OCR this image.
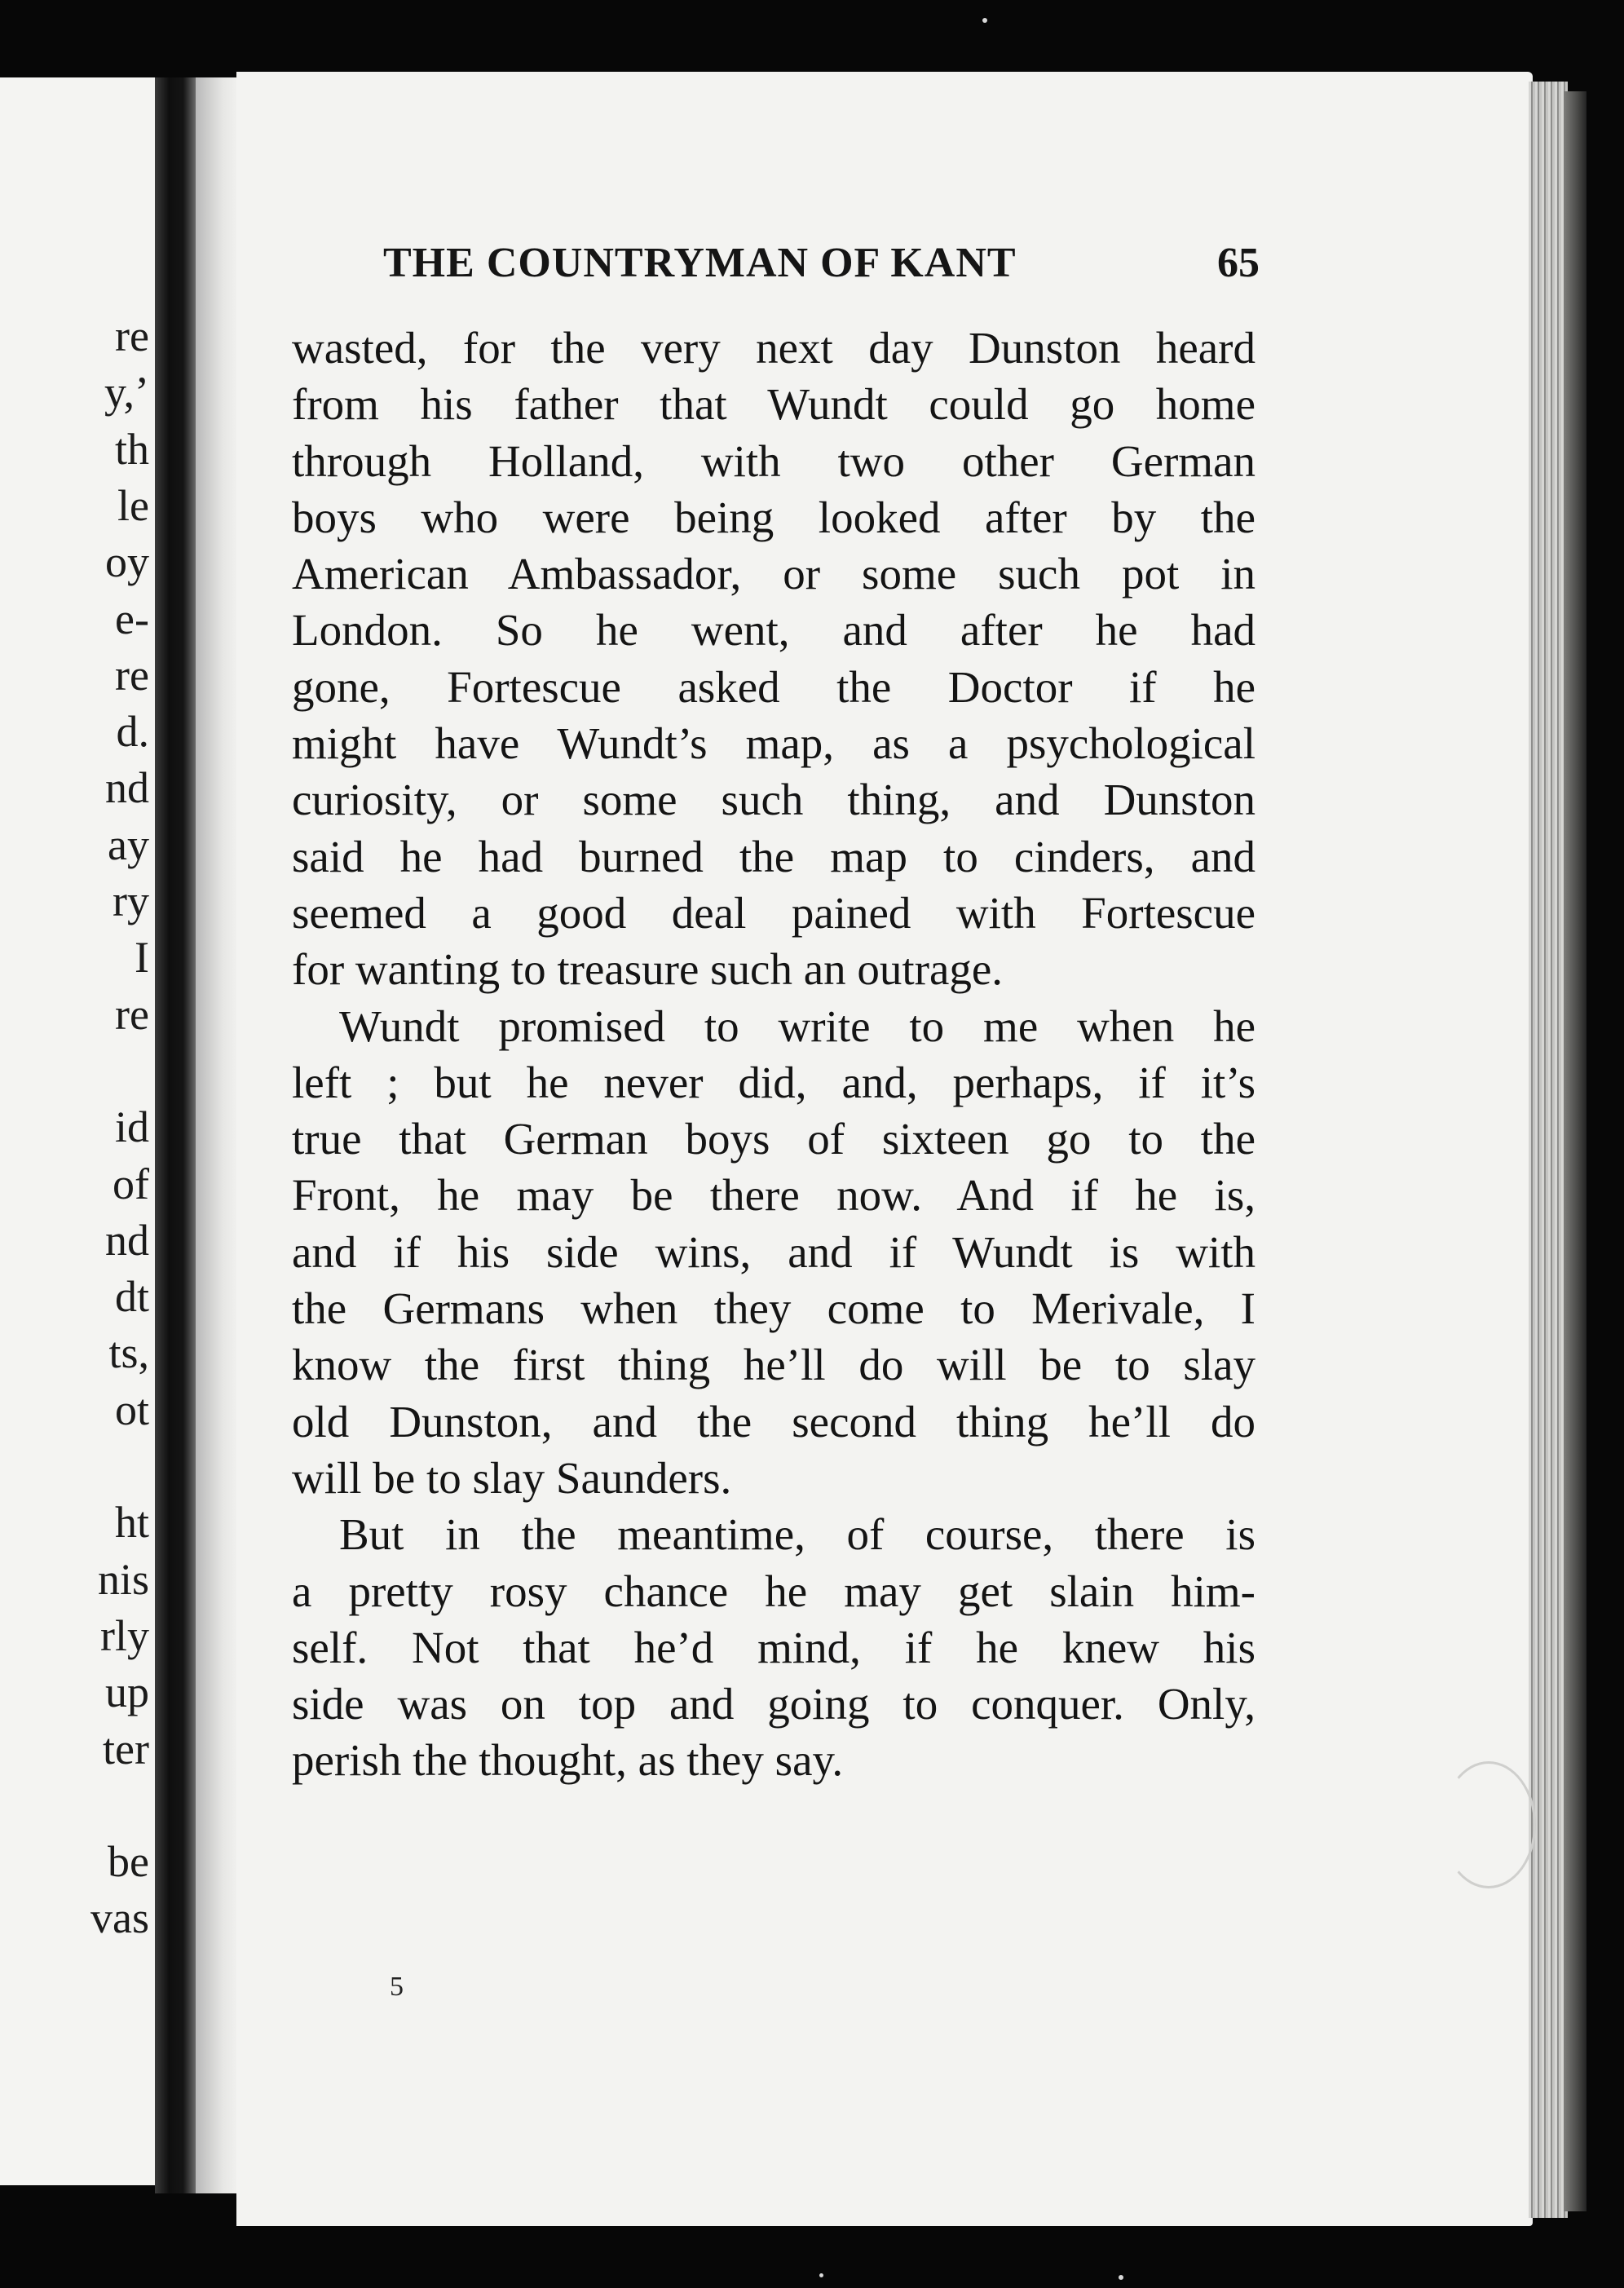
re
y,’
th
le
oy
e-
re
d.
nd
ay
ry
I
re
id
of
nd
dt
ts,
ot
ht
nis
rly
up
ter
be
vas
THE COUNTRYMAN OF KANT	65
wasted, for the very next day Dunston heard
from his father that Wundt could go home
through Holland, with two other German
boys who were being looked after by the
American Ambassador, or some such pot in
London. So he went, and after he had
gone, Fortescue asked the Doctor if he
might have Wundt’s map, as a psychological
curiosity, or some such thing, and Dunston
said he had burned the map to cinders, and
seemed a good deal pained with Fortescue
for wanting to treasure such an outrage.
Wundt promised to write to me when he
left ; but he never did, and, perhaps, if it’s
true that German boys of sixteen go to the
Front, he may be there now. And if he is,
and if his side wins, and if Wundt is with
the Germans when they come to Merivale, I
know the first thing he’ll do will be to slay
old Dunston, and the second thing he’ll do
will be to slay Saunders.
But in the meantime, of course, there is
a pretty rosy chance he may get slain him-
self. Not that he’d mind, if he knew his
side was on top and going to conquer. Only,
perish the thought, as they say.
5
